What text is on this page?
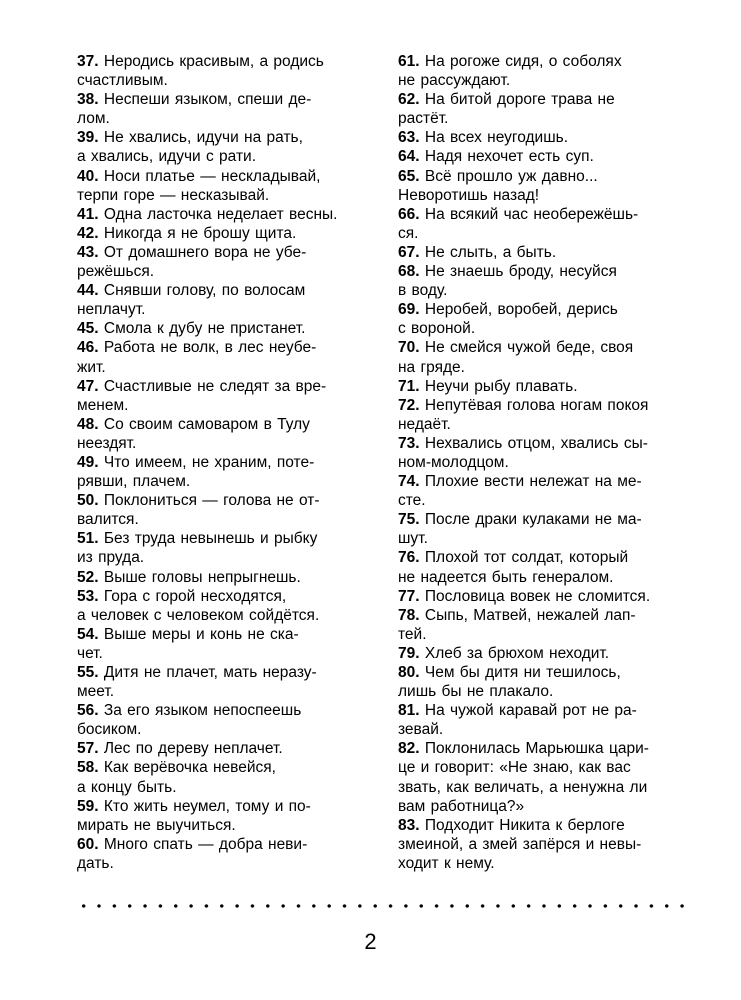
37. Неродись красивым, а родись
счастливым.
38. Неспеши языком, спеши де-
лом.
39. Не хвались, идучи на рать,
а хвались, идучи с рати.
40. Носи платье — нескладывай,
терпи горе — несказывай.
41. Одна ласточка неделает весны.
42. Никогда я не брошу щита.
43. От домашнего вора не убе-
режёшься.
44. Снявши голову, по волосам
неплачут.
45. Смола к дубу не пристанет.
46. Работа не волк, в лес неубе-
жит.
47. Счастливые не следят за вре-
менем.
48. Со своим самоваром в Тулу
неездят.
49. Что имеем, не храним, поте-
рявши, плачем.
50. Поклониться — голова не от-
валится.
51. Без труда невынешь и рыбку
из пруда.
52. Выше головы непрыгнешь.
53. Гора с горой несходятся,
а человек с человеком сойдётся.
54. Выше меры и конь не ска-
чет.
55. Дитя не плачет, мать неразу-
меет.
56. За его языком непоспеешь
босиком.
57. Лес по дереву неплачет.
58. Как верёвочка невейся,
а концу быть.
59. Кто жить неумел, тому и по-
мирать не выучиться.
60. Много спать — добра неви-
дать.
61. На рогоже сидя, о соболях
не рассуждают.
62. На битой дороге трава не
растёт.
63. На всех неугодишь.
64. Надя нехочет есть суп.
65. Всё прошло уж давно...
Неворотишь назад!
66. На всякий час необережёшь-
ся.
67. Не слыть, а быть.
68. Не знаешь броду, несуйся
в воду.
69. Неробей, воробей, дерись
с вороной.
70. Не смейся чужой беде, своя
на гряде.
71. Неучи рыбу плавать.
72. Непутёвая голова ногам покоя
недаёт.
73. Нехвались отцом, хвались сы-
ном-молодцом.
74. Плохие вести нележат на ме-
сте.
75. После драки кулаками не ма-
шут.
76. Плохой тот солдат, который
не надеется быть генералом.
77. Пословица вовек не сломится.
78. Сыпь, Матвей, нежалей лап-
тей.
79. Хлеб за брюхом неходит.
80. Чем бы дитя ни тешилось,
лишь бы не плакало.
81. На чужой каравай рот не ра-
зевай.
82. Поклонилась Марьюшка цари-
це и говорит: «Не знаю, как вас
звать, как величать, а ненужна ли
вам работница?»
83. Подходит Никита к берлоге
змеиной, а змей запёрся и невы-
ходит к нему.
2
